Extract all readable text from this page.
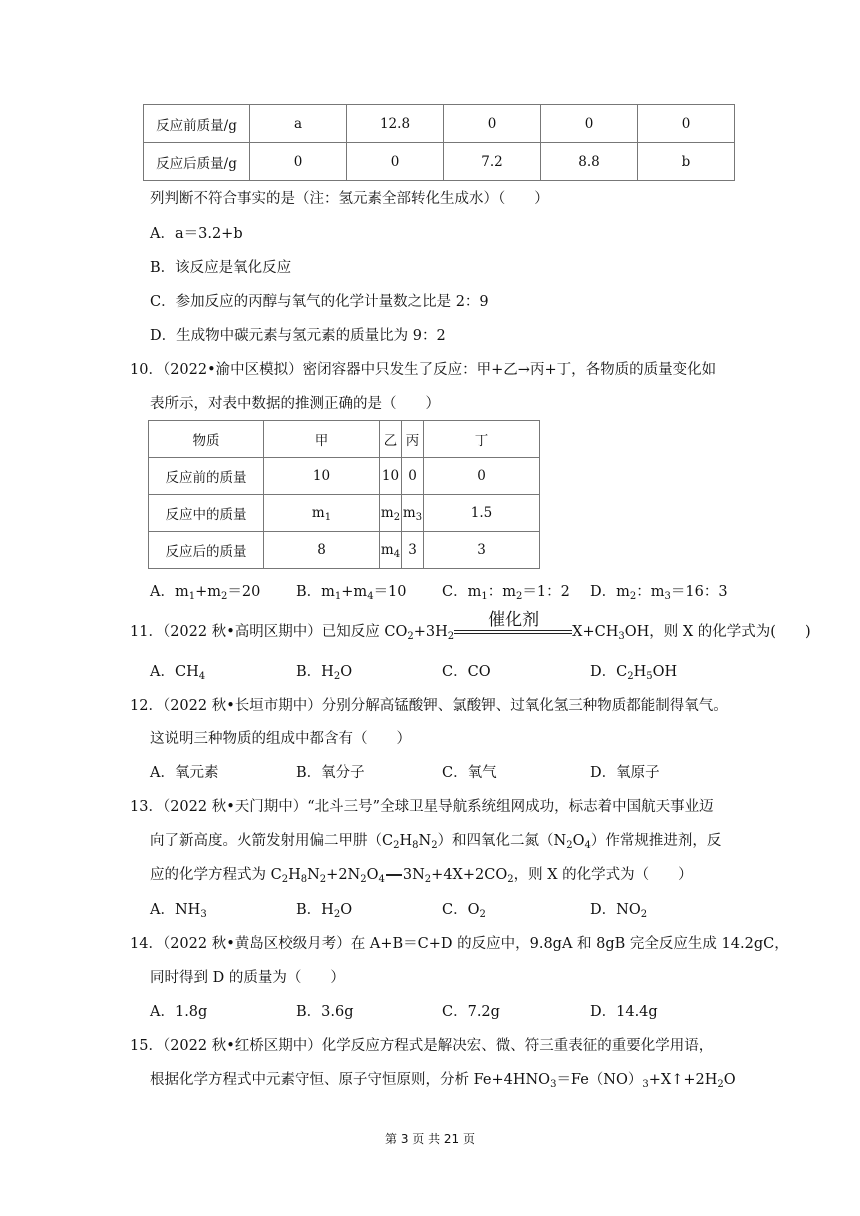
反应前质量/g	a	12.8	0	0	0
反应后质量/g	0	0	7.2	8.8	b
列判断不符合事实的是（注：氢元素全部转化生成水）（　　）
A．a＝3.2+b
B．该反应是氧化反应
C．参加反应的丙醇与氧气的化学计量数之比是 2：9
D．生成物中碳元素与氢元素的质量比为 9：2
10．（2022•渝中区模拟）密闭容器中只发生了反应：甲+乙→丙+丁，各物质的质量变化如
表所示，对表中数据的推测正确的是（　　）
物质	甲	乙	丙	丁
反应前的质量	10	10	0	0
反应中的质量	$m_1$	$m_2$	$m_3$	1.5
反应后的质量	8	$m_4$	3	3
A．$m_1+m_2=20$ B．$m_1+m_4=10$ C．$m_1$：$m_2=1$：2 D．$m_2$：$m_3=16$：3
11．（2022 秋•高明区期中）已知反应 $CO_2+3H_2$
催化剂
$X+CH_3OH$，则 X 的化学式为(　　)
A．$CH_4$	B．$H_2O$	C．CO	D．$C_2H_5OH$
12．（2022 秋•长垣市期中）分别分解高锰酸钾、氯酸钾、过氧化氢三种物质都能制得氧气。
这说明三种物质的组成中都含有（　　）
A．氧元素	B．氧分子	C．氧气	D．氧原子
13．（2022 秋•天门期中）“北斗三号”全球卫星导航系统组网成功，标志着中国航天事业迈
向了新高度。火箭发射用偏二甲肼$(C_2H_8N_2)$和四氧化二氮$(N_2O_4)$作常规推进剂，反
应的化学方程式为 $C_2H_8N_2+2N_2O_4$ $3N_2+4X+2CO_2$，则 X 的化学式为（　　）
A．$NH_3$	B．$H_2O$	C．$O_2$	D．$NO_2$
14．（2022 秋•黄岛区校级月考）在 A+B＝C+D 的反应中，9.8gA 和 8gB 完全反应生成 14.2gC，
同时得到 D 的质量为（　　）
A．1.8g	B．3.6g	C．7.2g	D．14.4g
15．（2022 秋•红桥区期中）化学反应方程式是解决宏、微、符三重表征的重要化学用语，
根据化学方程式中元素守恒、原子守恒原则，分析 $Fe+4HNO_3=Fe(NO)_3+X↑+2H_2O$
第 3 页 共 21 页
